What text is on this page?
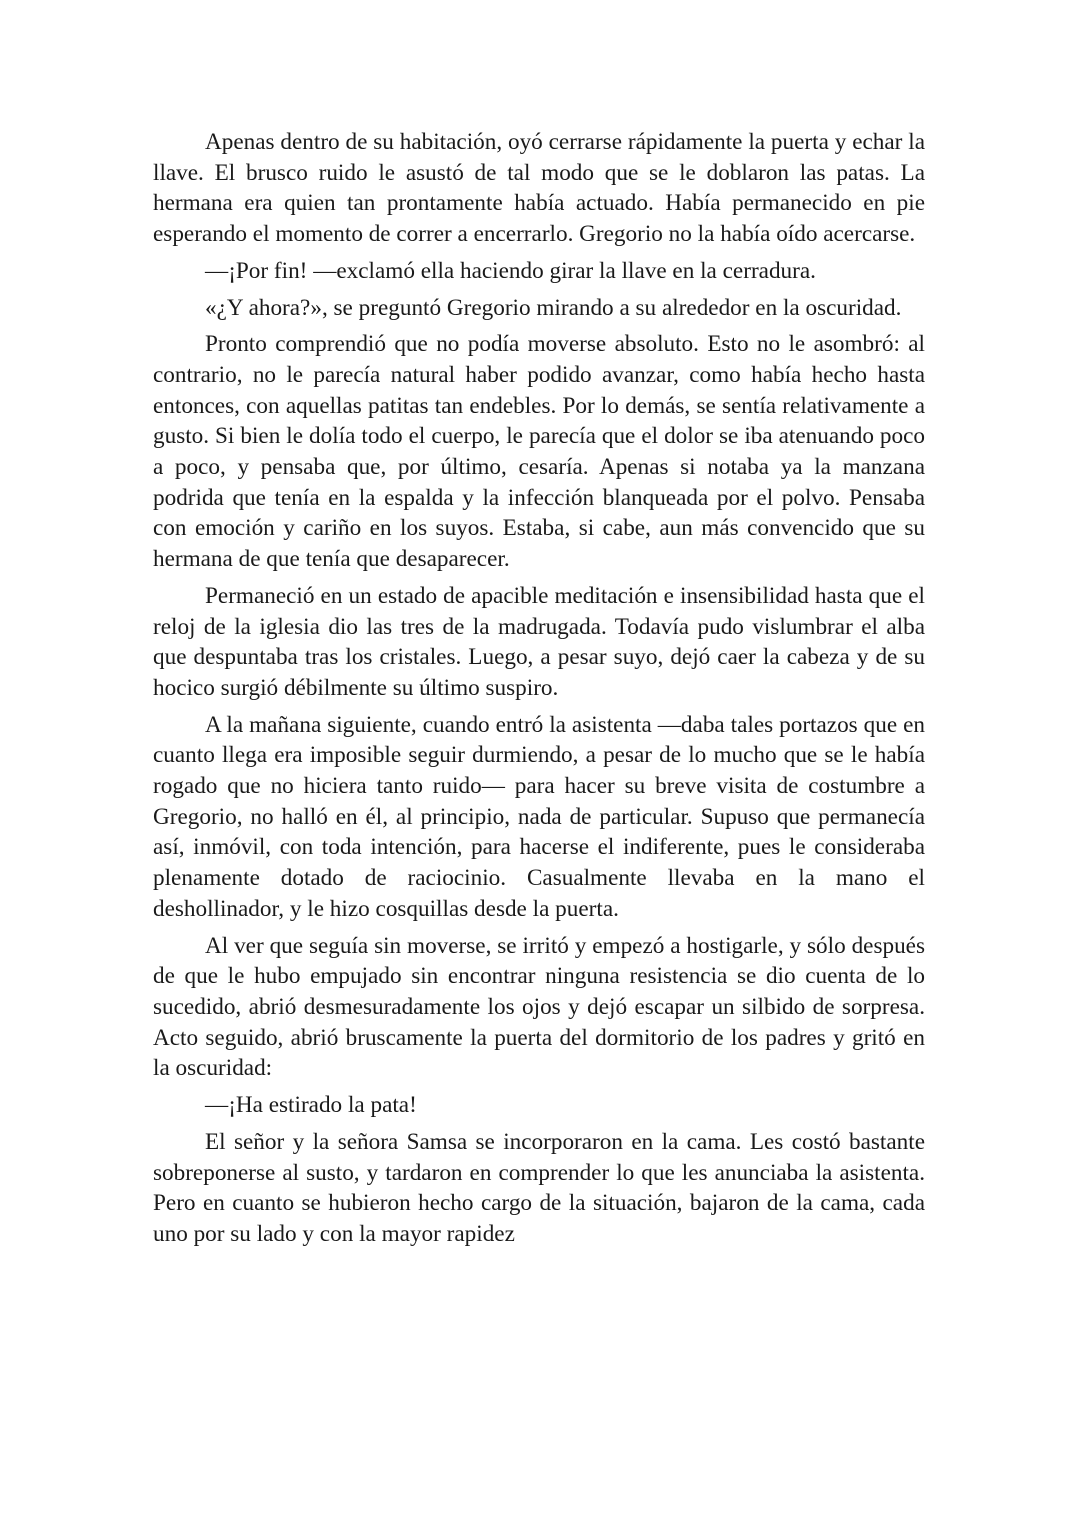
Apenas dentro de su habitación, oyó cerrarse rápidamente la puerta y echar la llave. El brusco ruido le asustó de tal modo que se le doblaron las patas. La hermana era quien tan prontamente había actuado. Había permanecido en pie esperando el momento de correr a encerrarlo. Gregorio no la había oído acercarse.

—¡Por fin! —exclamó ella haciendo girar la llave en la cerradura.

«¿Y ahora?», se preguntó Gregorio mirando a su alrededor en la oscuridad.

Pronto comprendió que no podía moverse absoluto. Esto no le asombró: al contrario, no le parecía natural haber podido avanzar, como había hecho hasta entonces, con aquellas patitas tan endebles. Por lo demás, se sentía relativamente a gusto. Si bien le dolía todo el cuerpo, le parecía que el dolor se iba atenuando poco a poco, y pensaba que, por último, cesaría. Apenas si notaba ya la manzana podrida que tenía en la espalda y la infección blanqueada por el polvo. Pensaba con emoción y cariño en los suyos. Estaba, si cabe, aun más convencido que su hermana de que tenía que desaparecer.

Permaneció en un estado de apacible meditación e insensibilidad hasta que el reloj de la iglesia dio las tres de la madrugada. Todavía pudo vislumbrar el alba que despuntaba tras los cristales. Luego, a pesar suyo, dejó caer la cabeza y de su hocico surgió débilmente su último suspiro.

A la mañana siguiente, cuando entró la asistenta —daba tales portazos que en cuanto llega era imposible seguir durmiendo, a pesar de lo mucho que se le había rogado que no hiciera tanto ruido— para hacer su breve visita de costumbre a Gregorio, no halló en él, al principio, nada de particular. Supuso que permanecía así, inmóvil, con toda intención, para hacerse el indiferente, pues le consideraba plenamente dotado de raciocinio. Casualmente llevaba en la mano el deshollinador, y le hizo cosquillas desde la puerta.

Al ver que seguía sin moverse, se irritó y empezó a hostigarle, y sólo después de que le hubo empujado sin encontrar ninguna resistencia se dio cuenta de lo sucedido, abrió desmesuradamente los ojos y dejó escapar un silbido de sorpresa. Acto seguido, abrió bruscamente la puerta del dormitorio de los padres y gritó en la oscuridad:

—¡Ha estirado la pata!

El señor y la señora Samsa se incorporaron en la cama. Les costó bastante sobreponerse al susto, y tardaron en comprender lo que les anunciaba la asistenta. Pero en cuanto se hubieron hecho cargo de la situación, bajaron de la cama, cada uno por su lado y con la mayor rapidez
